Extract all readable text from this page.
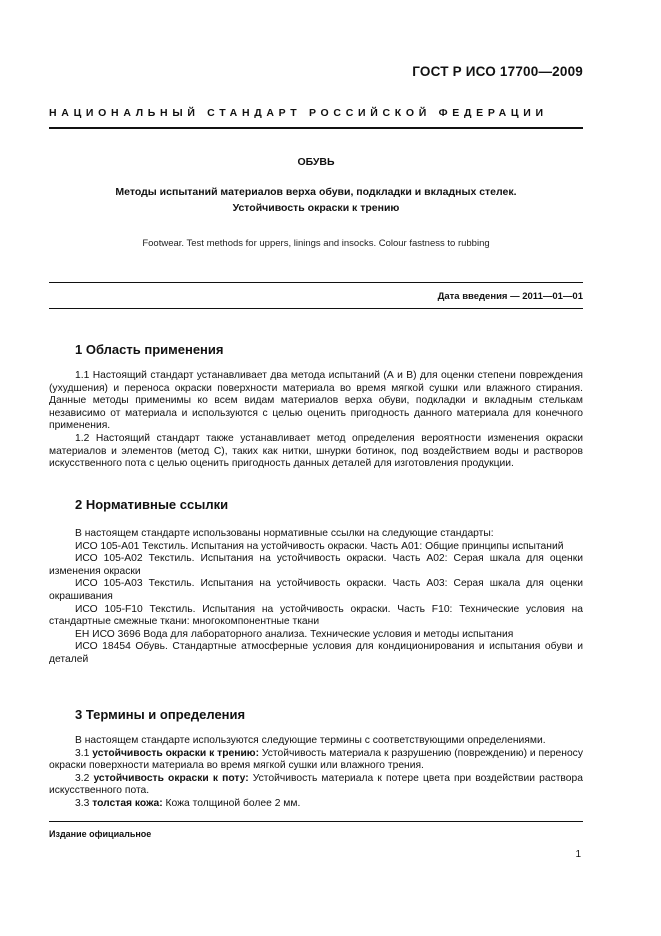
ГОСТ Р ИСО 17700—2009
НАЦИОНАЛЬНЫЙ СТАНДАРТ РОССИЙСКОЙ ФЕДЕРАЦИИ
ОБУВЬ
Методы испытаний материалов верха обуви, подкладки и вкладных стелек.
Устойчивость окраски к трению
Footwear. Test methods for uppers, linings and insocks. Colour fastness to rubbing
Дата введения — 2011—01—01
1 Область применения

1.1 Настоящий стандарт устанавливает два метода испытаний (А и В) для оценки степени повреждения (ухудшения) и переноса окраски поверхности материала во время мягкой сушки или влажного стирания. Данные методы применимы ко всем видам материалов верха обуви, подкладки и вкладным стелькам независимо от материала и используются с целью оценить пригодность данного материала для конечного применения.

1.2 Настоящий стандарт также устанавливает метод определения вероятности изменения окраски материалов и элементов (метод С), таких как нитки, шнурки ботинок, под воздействием воды и растворов искусственного пота с целью оценить пригодность данных деталей для изготовления продукции.

2 Нормативные ссылки

В настоящем стандарте использованы нормативные ссылки на следующие стандарты:

ИСО 105-А01 Текстиль. Испытания на устойчивость окраски. Часть А01: Общие принципы испытаний

ИСО 105-А02 Текстиль. Испытания на устойчивость окраски. Часть А02: Серая шкала для оценки изменения окраски

ИСО 105-А03 Текстиль. Испытания на устойчивость окраски. Часть А03: Серая шкала для оценки окрашивания

ИСО 105-F10 Текстиль. Испытания на устойчивость окраски. Часть F10: Технические условия на стандартные смежные ткани: многокомпонентные ткани

ЕН ИСО 3696 Вода для лабораторного анализа. Технические условия и методы испытания

ИСО 18454 Обувь. Стандартные атмосферные условия для кондиционирования и испытания обуви и деталей

3 Термины и определения

В настоящем стандарте используются следующие термины с соответствующими определениями.

3.1 устойчивость окраски к трению: Устойчивость материала к разрушению (повреждению) и переносу окраски поверхности материала во время мягкой сушки или влажного трения.

3.2 устойчивость окраски к поту: Устойчивость материала к потере цвета при воздействии раствора искусственного пота.

3.3 толстая кожа: Кожа толщиной более 2 мм.

Издание официальное
1
